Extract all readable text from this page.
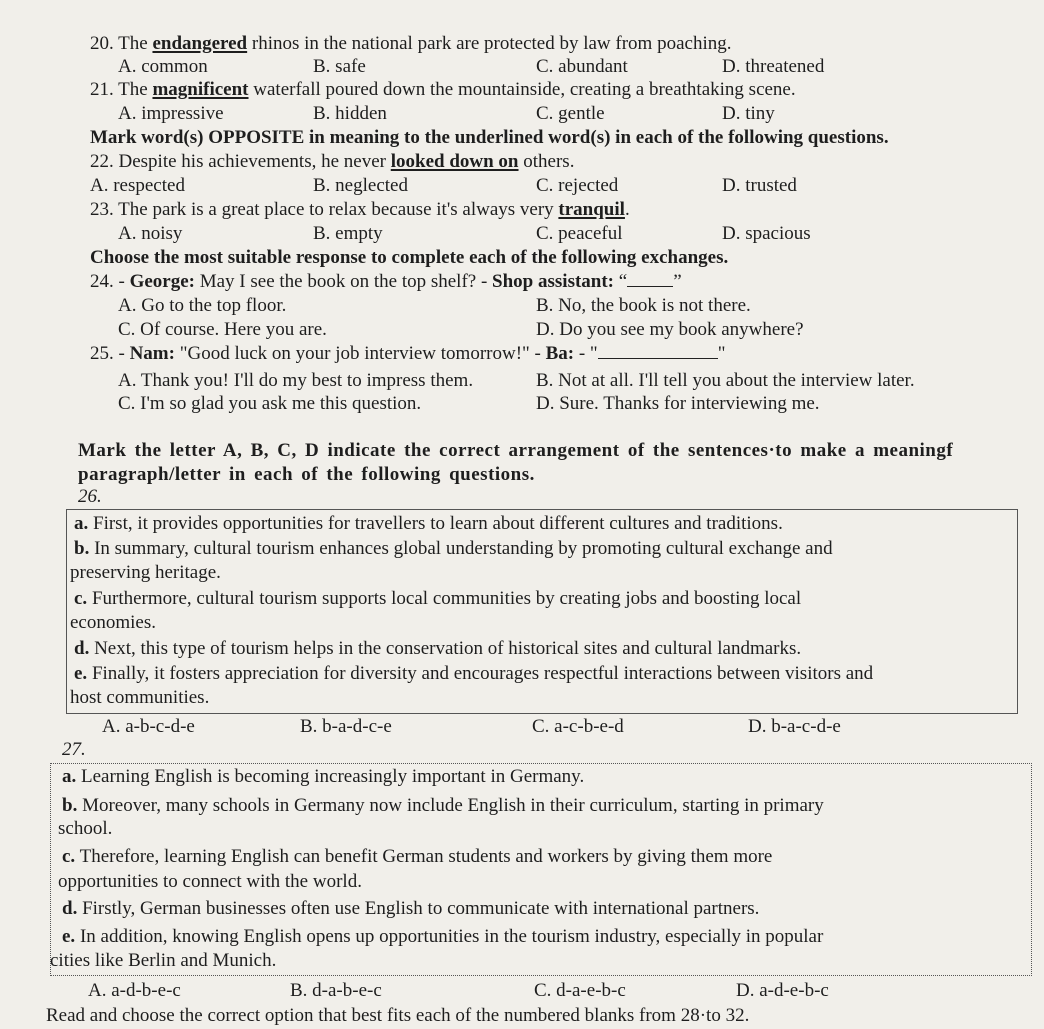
20. The endangered rhinos in the national park are protected by law from poaching.
A. common	B. safe	C. abundant	D. threatened
21. The magnificent waterfall poured down the mountainside, creating a breathtaking scene.
A. impressive	B. hidden	C. gentle	D. tiny
Mark word(s) OPPOSITE in meaning to the underlined word(s) in each of the following questions.
22. Despite his achievements, he never looked down on others.
A. respected	B. neglected	C. rejected	D. trusted
23. The park is a great place to relax because it's always very tranquil.
A. noisy	B. empty	C. peaceful	D. spacious
Choose the most suitable response to complete each of the following exchanges.
24. - George: May I see the book on the top shelf? - Shop assistant: “ ”
A. Go to the top floor.	B. No, the book is not there.
C. Of course. Here you are.	D. Do you see my book anywhere?
25. - Nam: "Good luck on your job interview tomorrow!" - Ba: - "	"
A. Thank you! I'll do my best to impress them.	B. Not at all. I'll tell you about the interview later.
C. I'm so glad you ask me this question.	D. Sure. Thanks for interviewing me.
Mark the letter A, B, C, D indicate the correct arrangement of the sentences·to make a meaningf
paragraph/letter in each of the following questions.
26.
a. First, it provides opportunities for travellers to learn about different cultures and traditions.
b. In summary, cultural tourism enhances global understanding by promoting cultural exchange and
preserving heritage.
c. Furthermore, cultural tourism supports local communities by creating jobs and boosting local
economies.
d. Next, this type of tourism helps in the conservation of historical sites and cultural landmarks.
e. Finally, it fosters appreciation for diversity and encourages respectful interactions between visitors and
host communities.
A. a-b-c-d-e	B. b-a-d-c-e	C. a-c-b-e-d	D. b-a-c-d-e
27.
a. Learning English is becoming increasingly important in Germany.
b. Moreover, many schools in Germany now include English in their curriculum, starting in primary
school.
c. Therefore, learning English can benefit German students and workers by giving them more
opportunities to connect with the world.
d. Firstly, German businesses often use English to communicate with international partners.
e. In addition, knowing English opens up opportunities in the tourism industry, especially in popular
cities like Berlin and Munich.
A. a-d-b-e-c	B. d-a-b-e-c	C. d-a-e-b-c	D. a-d-e-b-c
Read and choose the correct option that best fits each of the numbered blanks from 28·to 32.
